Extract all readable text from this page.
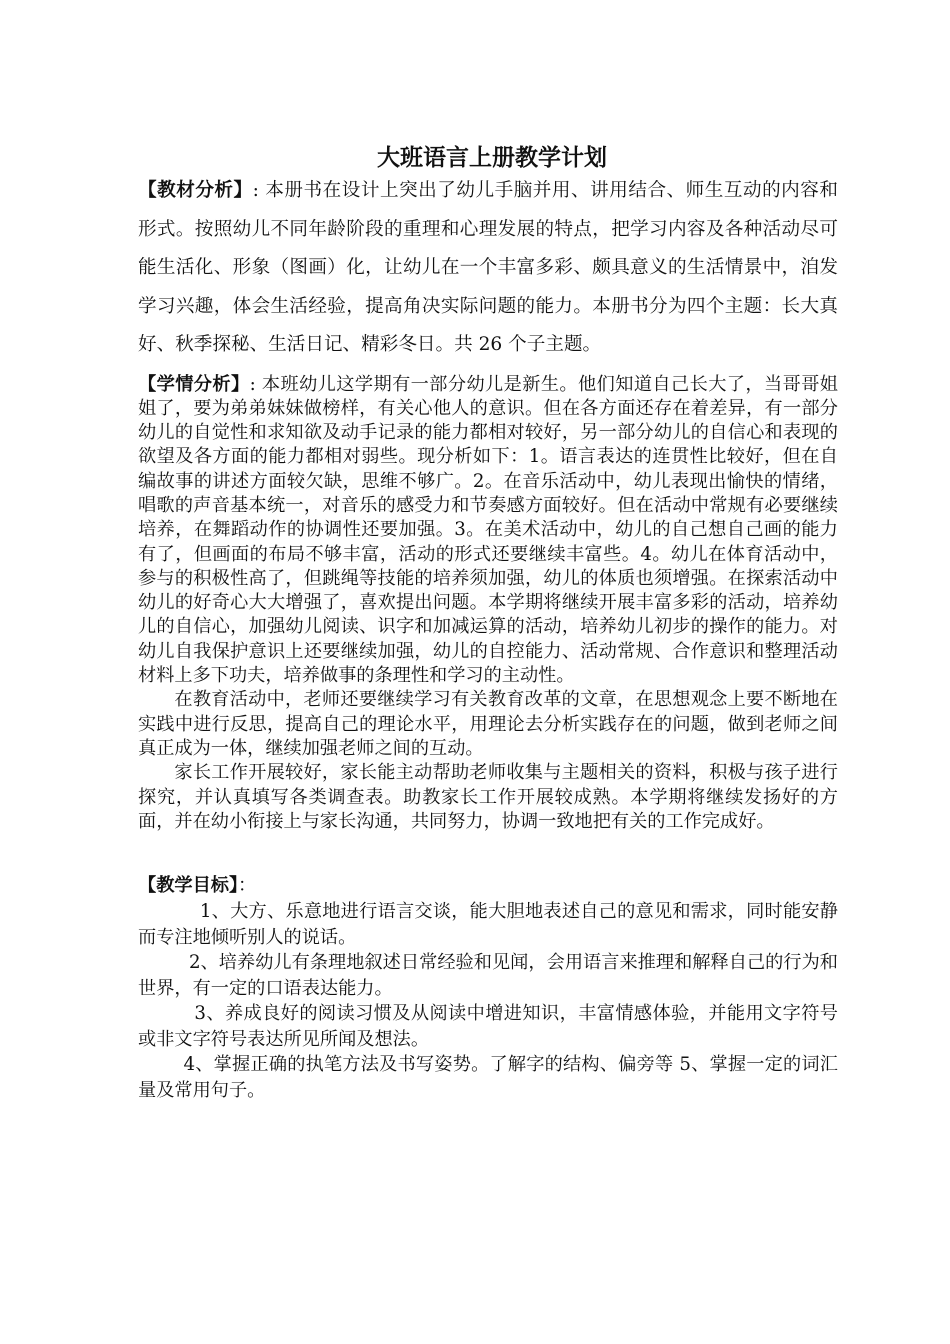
大班语言上册教学计划

【教材分析】: 本册书在设计上突出了幼儿手脑并用、讲用结合、师生互动的内容和形式。按照幼儿不同年龄阶段的重理和心理发展的特点，把学习内容及各种活动尽可能生活化、形象（图画）化，让幼儿在一个丰富多彩、颇具意义的生活情景中，洎发学习兴趣，体会生活经验，提高角决实际问题的能力。本册书分为四个主题：长大真好、秋季探秘、生活日记、精彩冬日。共 26 个子主题。

【学情分析】: 本班幼儿这学期有一部分幼儿是新生。他们知道自己长大了，当哥哥姐姐了，要为弟弟妹妹做榜样，有关心他人的意识。但在各方面还存在着差异，有一部分幼儿的自觉性和求知欲及动手记录的能力都相对较好，另一部分幼儿的自信心和表现的欲望及各方面的能力都相对弱些。现分析如下：1。语言表达的连贯性比较好，但在自编故事的讲述方面较欠缺，思维不够广。2。在音乐活动中，幼儿表现出愉快的情绪，唱歌的声音基本统一，对音乐的感受力和节奏感方面较好。但在活动中常规有必要继续培养，在舞蹈动作的协调性还要加强。3。在美术活动中，幼儿的自己想自己画的能力有了，但画面的布局不够丰富，活动的形式还要继续丰富些。4。幼儿在体育活动中，参与的积极性高了，但跳绳等技能的培养须加强，幼儿的体质也须增强。在探索活动中幼儿的好奇心大大增强了，喜欢提出问题。本学期将继续开展丰富多彩的活动，培养幼儿的自信心，加强幼儿阅读、识字和加减运算的活动，培养幼儿初步的操作的能力。对幼儿自我保护意识上还要继续加强，幼儿的自控能力、活动常规、合作意识和整理活动材料上多下功夫，培养做事的条理性和学习的主动性。

在教育活动中，老师还要继续学习有关教育改革的文章，在思想观念上要不断地在实践中进行反思，提高自己的理论水平，用理论去分析实践存在的问题，做到老师之间真正成为一体，继续加强老师之间的互动。

家长工作开展较好，家长能主动帮助老师收集与主题相关的资料，积极与孩子进行探究，并认真填写各类调查表。助教家长工作开展较成熟。本学期将继续发扬好的方面，并在幼小衔接上与家长沟通，共同努力，协调一致地把有关的工作完成好。

【教学目标】：

1、大方、乐意地进行语言交谈，能大胆地表述自己的意见和需求，同时能安静而专注地倾听别人的说话。

2、培养幼儿有条理地叙述日常经验和见闻，会用语言来推理和解释自己的行为和世界，有一定的口语表达能力。

3、养成良好的阅读习惯及从阅读中增进知识，丰富情感体验，并能用文字符号或非文字符号表达所见所闻及想法。

4、掌握正确的执笔方法及书写姿势。了解字的结构、偏旁等 5、掌握一定的词汇量及常用句子。
